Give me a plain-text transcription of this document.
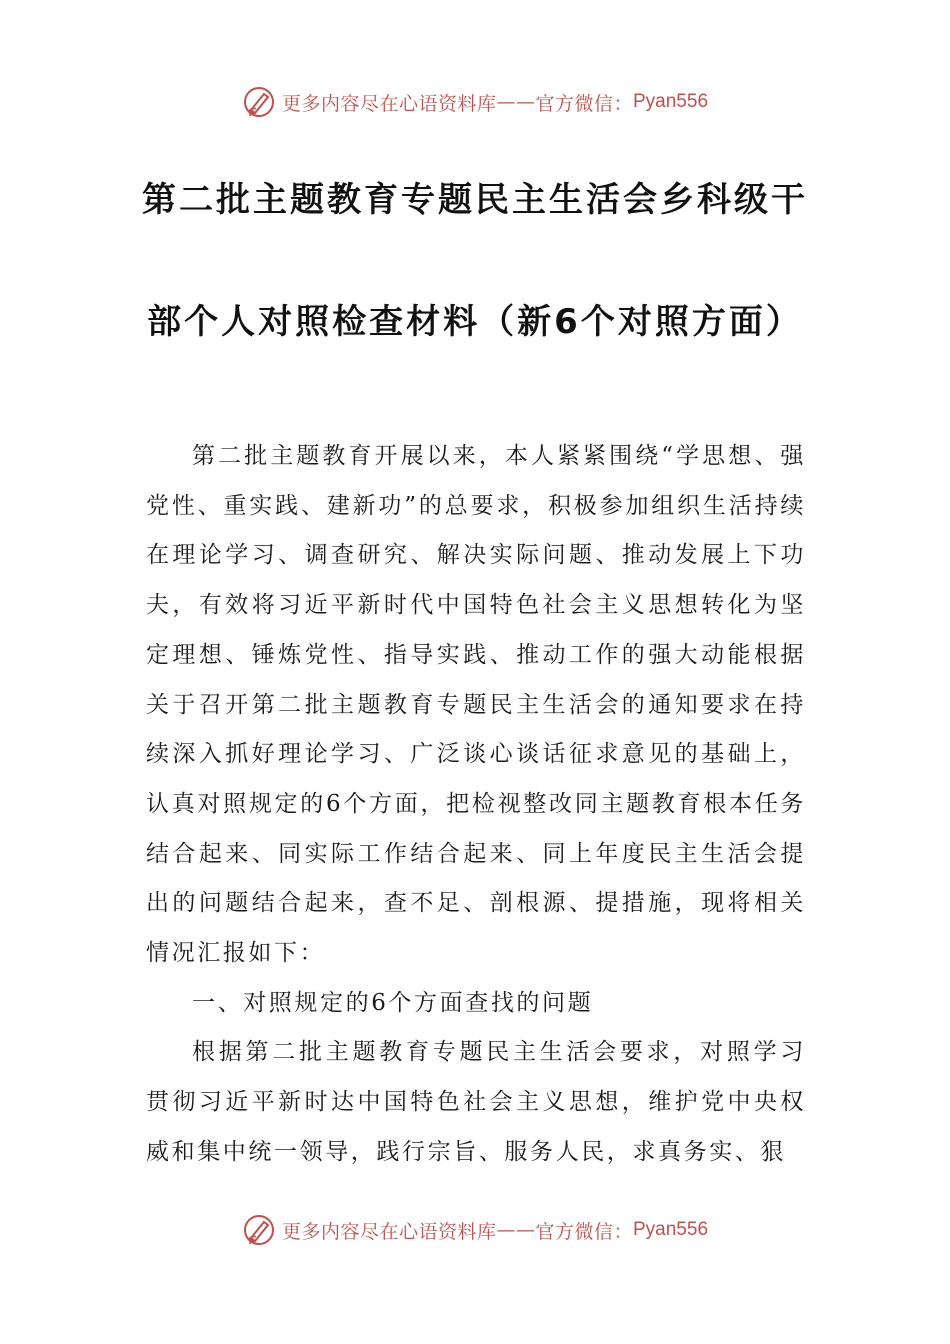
更多内容尽在心语资料库 —— 官方微信： Pyan556
第二批主题教育专题民主生活会乡科级干
部个人对照检查材料（新6个对照方面）

第二批主题教育开展以来，本人紧紧围绕“学思想、强党性、重实践、建新功”的总要求，积极参加组织生活持续在理论学习、调查研究、解决实际问题、推动发展上下功夫，有效将习近平新时代中国特色社会主义思想转化为坚定理想、锤炼党性、指导实践、推动工作的强大动能根据关于召开第二批主题教育专题民主生活会的通知要求在持续深入抓好理论学习、广泛谈心谈话征求意见的基础上，认真对照规定的6个方面，把检视整改同主题教育根本任务结合起来、同实际工作结合起来、同上年度民主生活会提出的问题结合起来，查不足、剖根源、提措施，现将相关情况汇报如下：

一、对照规定的6个方面查找的问题

根据第二批主题教育专题民主生活会要求，对照学习贯彻习近平新时达中国特色社会主义思想，维护党中央权威和集中统一领导，践行宗旨、服务人民，求真务实、狠

更多内容尽在心语资料库 —— 官方微信： Pyan556
